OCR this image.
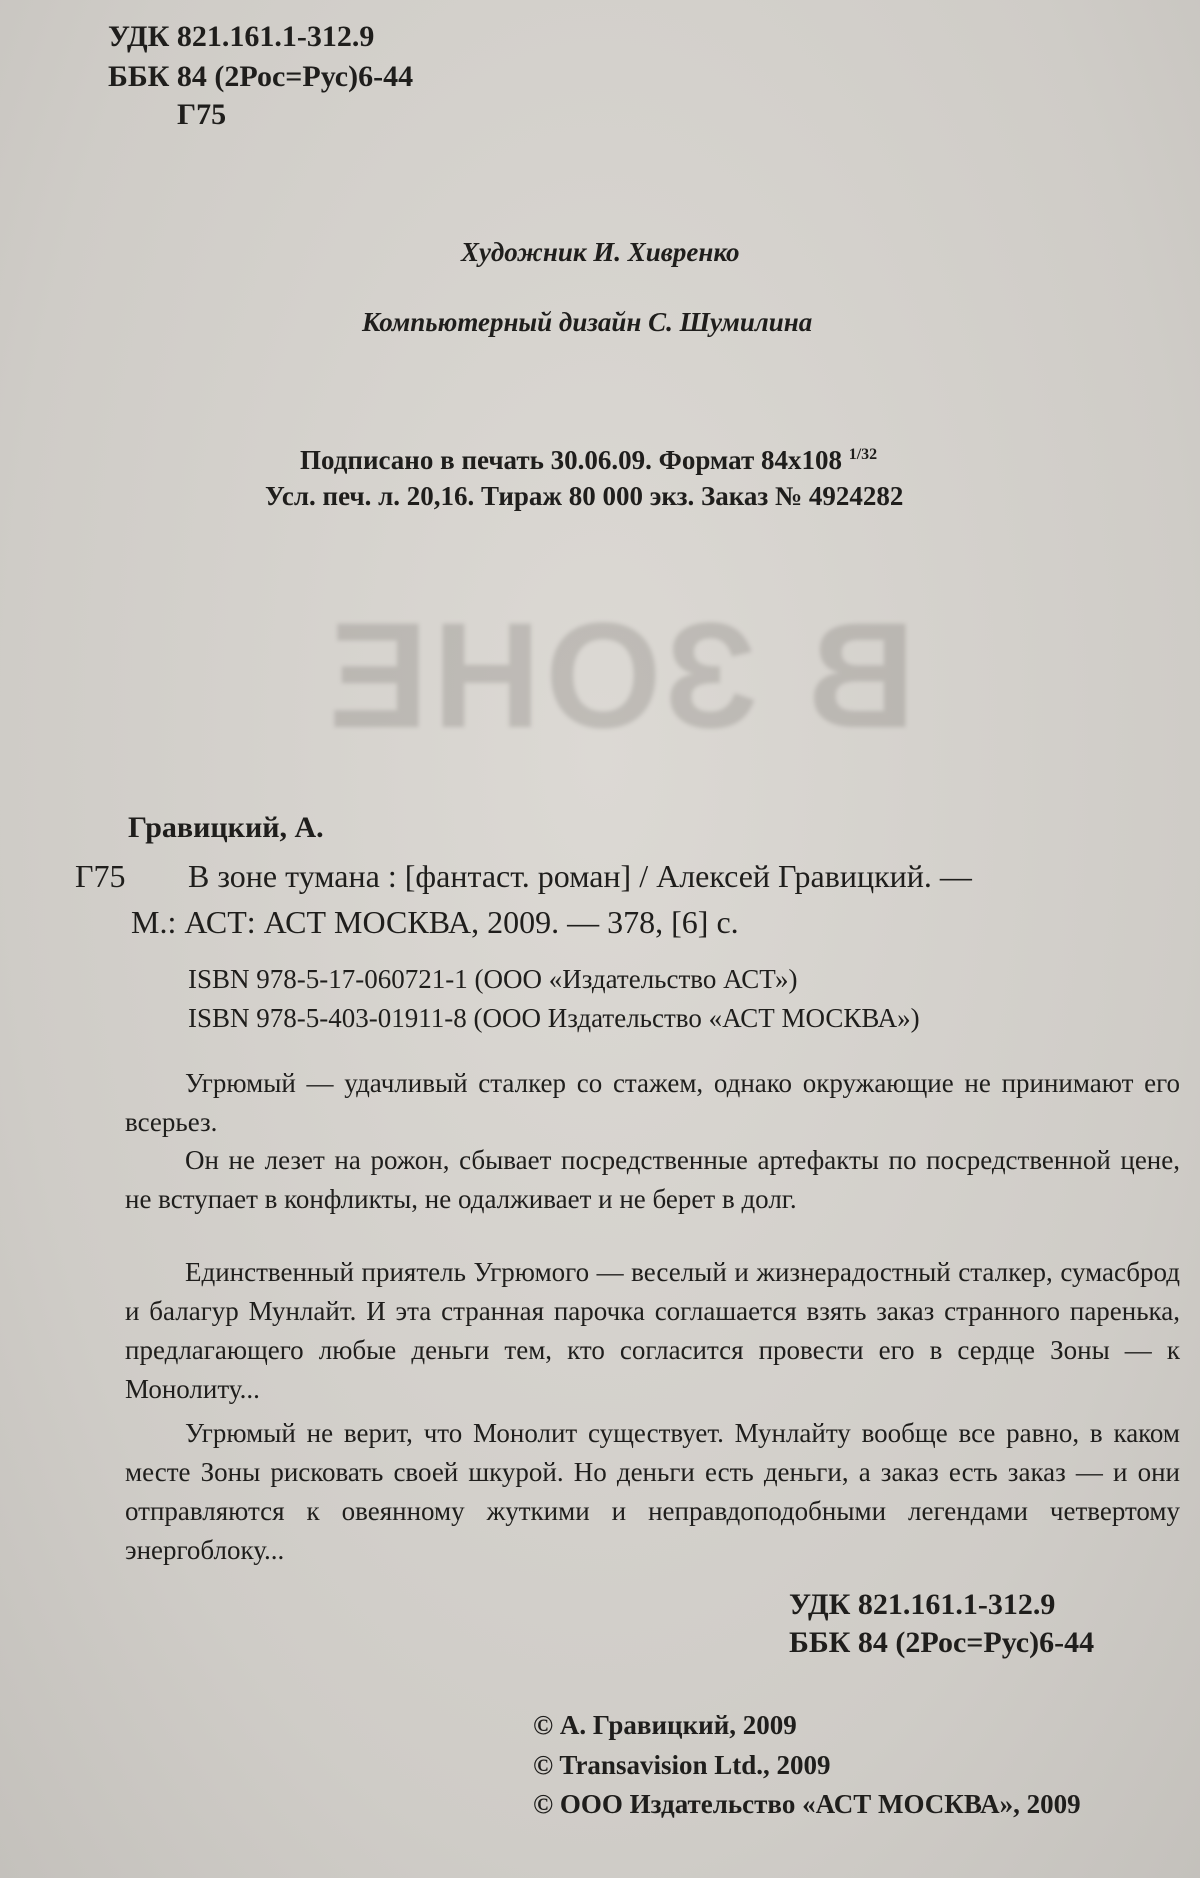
В ЗОНЕ
УДК 821.161.1-312.9
ББК 84 (2Рос=Рус)6-44
Г75
Художник И. Хивренко
Компьютерный дизайн С. Шумилина
Подписано в печать 30.06.09. Формат 84x108 $^{1/32}$
Усл. печ. л. 20,16. Тираж 80 000 экз. Заказ № 4924282
Гравицкий, А.
Г75 В зоне тумана : [фантаст. роман] / Алексей Гравицкий. —
М.: АСТ: АСТ МОСКВА, 2009. — 378, [6] с.
ISBN 978-5-17-060721-1 (ООО «Издательство АСТ»)
ISBN 978-5-403-01911-8 (ООО Издательство «АСТ МОСКВА»)
Угрюмый — удачливый сталкер со стажем, однако окружающие не принимают его всерьез.
Он не лезет на рожон, сбывает посредственные артефакты по посредственной цене, не вступает в конфликты, не одалживает и не берет в долг.
Единственный приятель Угрюмого — веселый и жизнерадостный сталкер, сумасброд и балагур Мунлайт. И эта странная парочка соглашается взять заказ странного паренька, предлагающего любые деньги тем, кто согласится провести его в сердце Зоны — к Монолиту...
Угрюмый не верит, что Монолит существует. Мунлайту вообще все равно, в каком месте Зоны рисковать своей шкурой. Но деньги есть деньги, а заказ есть заказ — и они отправляются к овеянному жуткими и неправдоподобными легендами четвертому энергоблоку...
УДК 821.161.1-312.9
ББК 84 (2Рос=Рус)6-44
© А. Гравицкий, 2009
© Transavision Ltd., 2009
© ООО Издательство «АСТ МОСКВА», 2009
